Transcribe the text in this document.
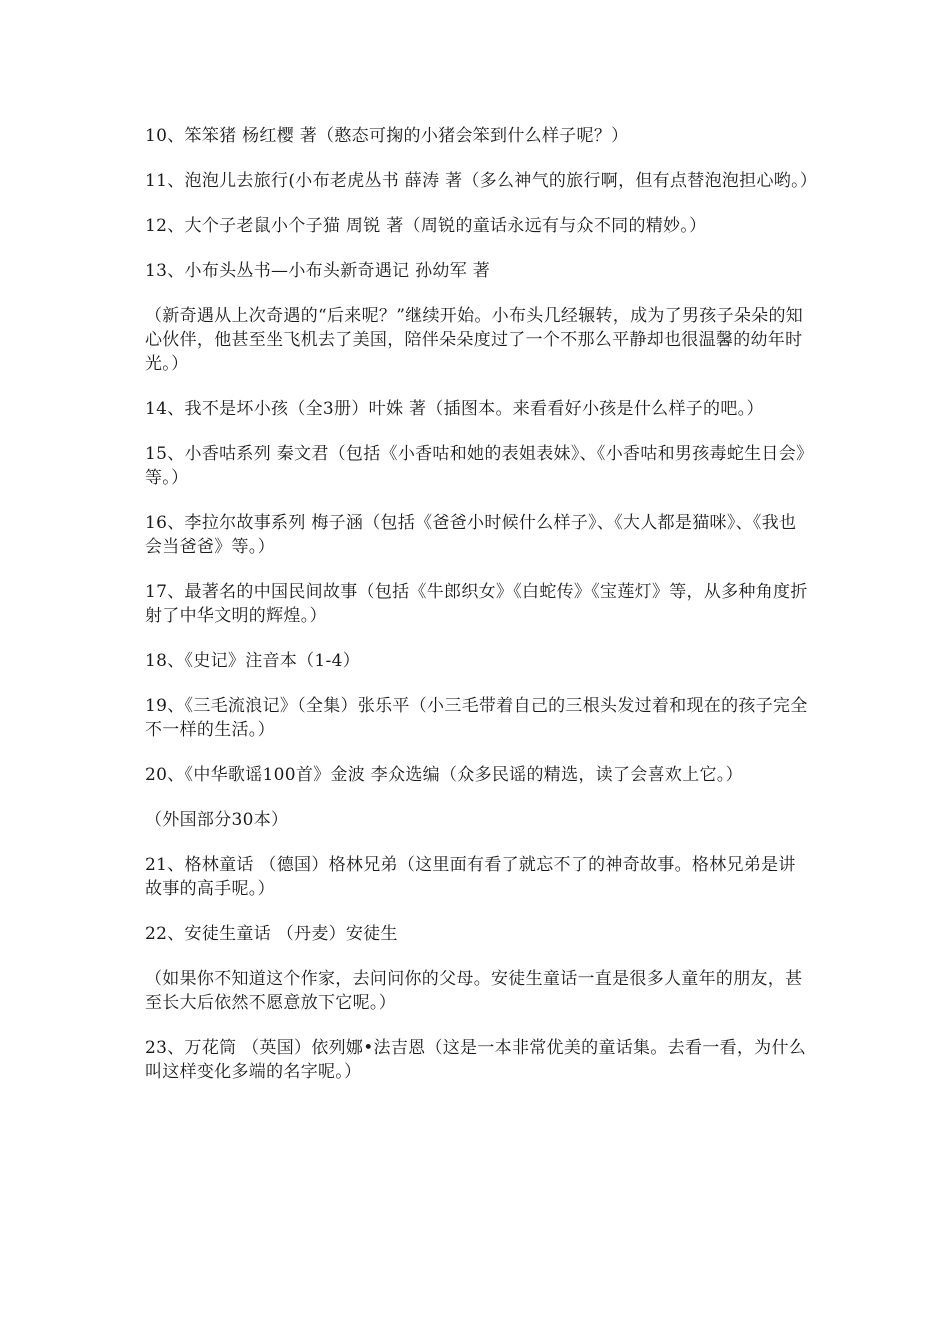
10、笨笨猪 杨红樱 著（憨态可掬的小猪会笨到什么样子呢？）

11、泡泡儿去旅行(小布老虎丛书 薛涛 著（多么神气的旅行啊，但有点替泡泡担心哟。）

12、大个子老鼠小个子猫 周锐 著（周锐的童话永远有与众不同的精妙。）

13、小布头丛书—小布头新奇遇记 孙幼军 著

（新奇遇从上次奇遇的“后来呢？”继续开始。小布头几经辗转，成为了男孩子朵朵的知心伙伴，他甚至坐飞机去了美国，陪伴朵朵度过了一个不那么平静却也很温馨的幼年时光。）

14、我不是坏小孩（全3册）叶姝 著（插图本。来看看好小孩是什么样子的吧。）

15、小香咕系列 秦文君（包括《小香咕和她的表姐表妹》、《小香咕和男孩毒蛇生日会》等。）

16、李拉尔故事系列 梅子涵（包括《爸爸小时候什么样子》、《大人都是猫咪》、《我也会当爸爸》等。）

17、最著名的中国民间故事（包括《牛郎织女》《白蛇传》《宝莲灯》等，从多种角度折射了中华文明的辉煌。）

18、《史记》注音本（1-4）

19、《三毛流浪记》（全集）张乐平（小三毛带着自己的三根头发过着和现在的孩子完全不一样的生活。）

20、《中华歌谣100首》金波 李众选编（众多民谣的精选，读了会喜欢上它。）

（外国部分30本）

21、格林童话 （德国）格林兄弟（这里面有看了就忘不了的神奇故事。格林兄弟是讲故事的高手呢。）

22、安徒生童话 （丹麦）安徒生

（如果你不知道这个作家，去问问你的父母。安徒生童话一直是很多人童年的朋友，甚至长大后依然不愿意放下它呢。）

23、万花筒 （英国）依列娜•法吉恩（这是一本非常优美的童话集。去看一看，为什么叫这样变化多端的名字呢。）
